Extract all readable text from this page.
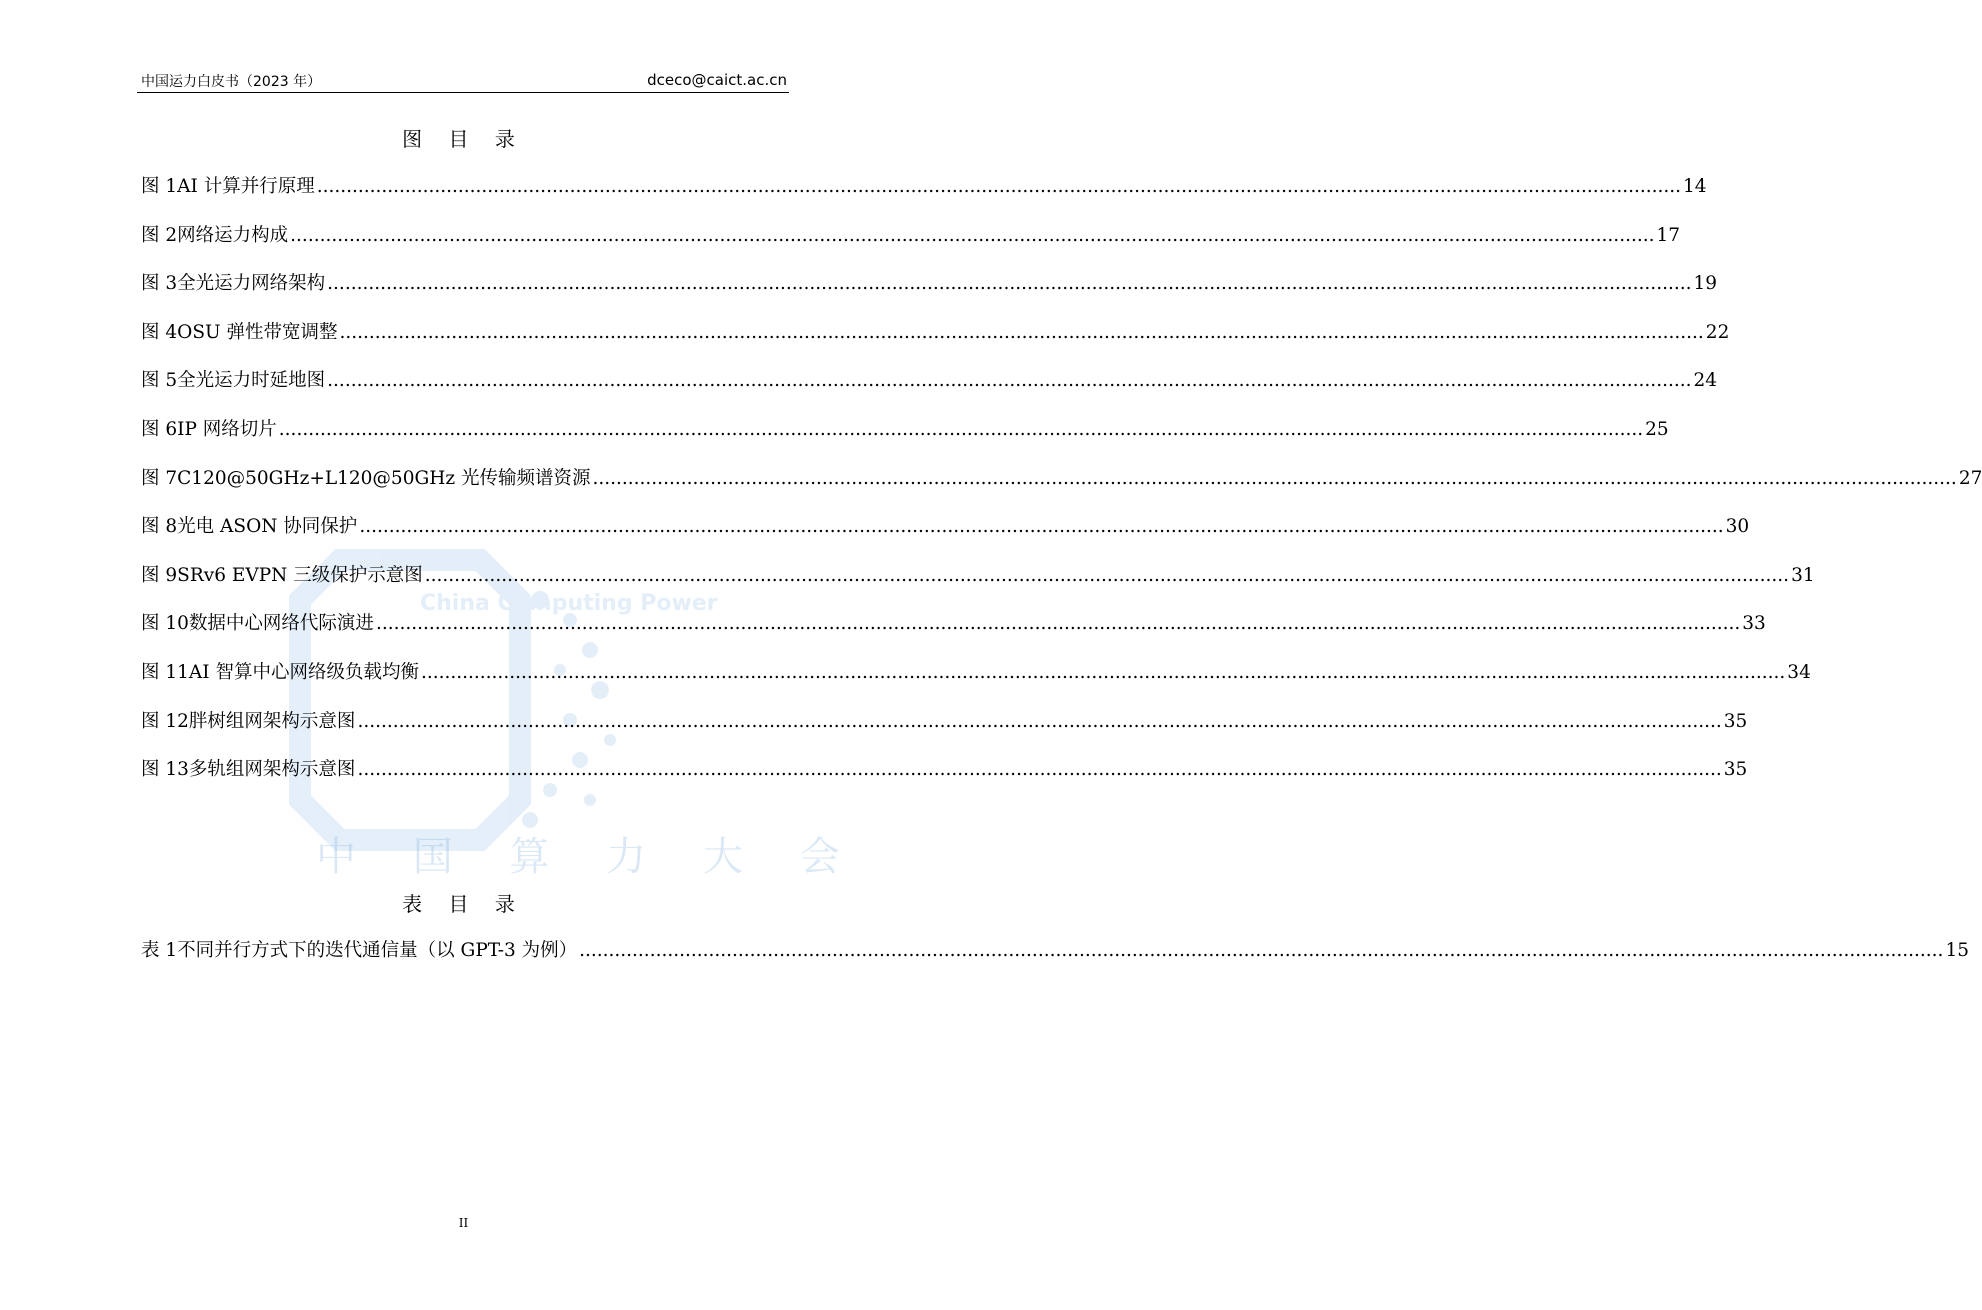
中国运力白皮书（2023 年）	dceco@caict.ac.cn
China Computing Power
中 国 算 力 大 会
图 目 录
图 1 AI 计算并行原理 .....	14
图 2 网络运力构成 .....	17
图 3 全光运力网络架构 .....	19
图 4 OSU 弹性带宽调整 .....	22
图 5 全光运力时延地图 .....	24
图 6 IP 网络切片 .....	25
图 7 C120@50GHz+L120@50GHz 光传输频谱资源 .....	27
图 8 光电 ASON 协同保护 .....	30
图 9 SRv6 EVPN 三级保护示意图 .....	31
图 10 数据中心网络代际演进 .....	33
图 11 AI 智算中心网络级负载均衡 .....	34
图 12 胖树组网架构示意图 .....	35
图 13 多轨组网架构示意图 .....	35
表 目 录
表 1 不同并行方式下的迭代通信量（以 GPT-3 为例） .....	15
II
